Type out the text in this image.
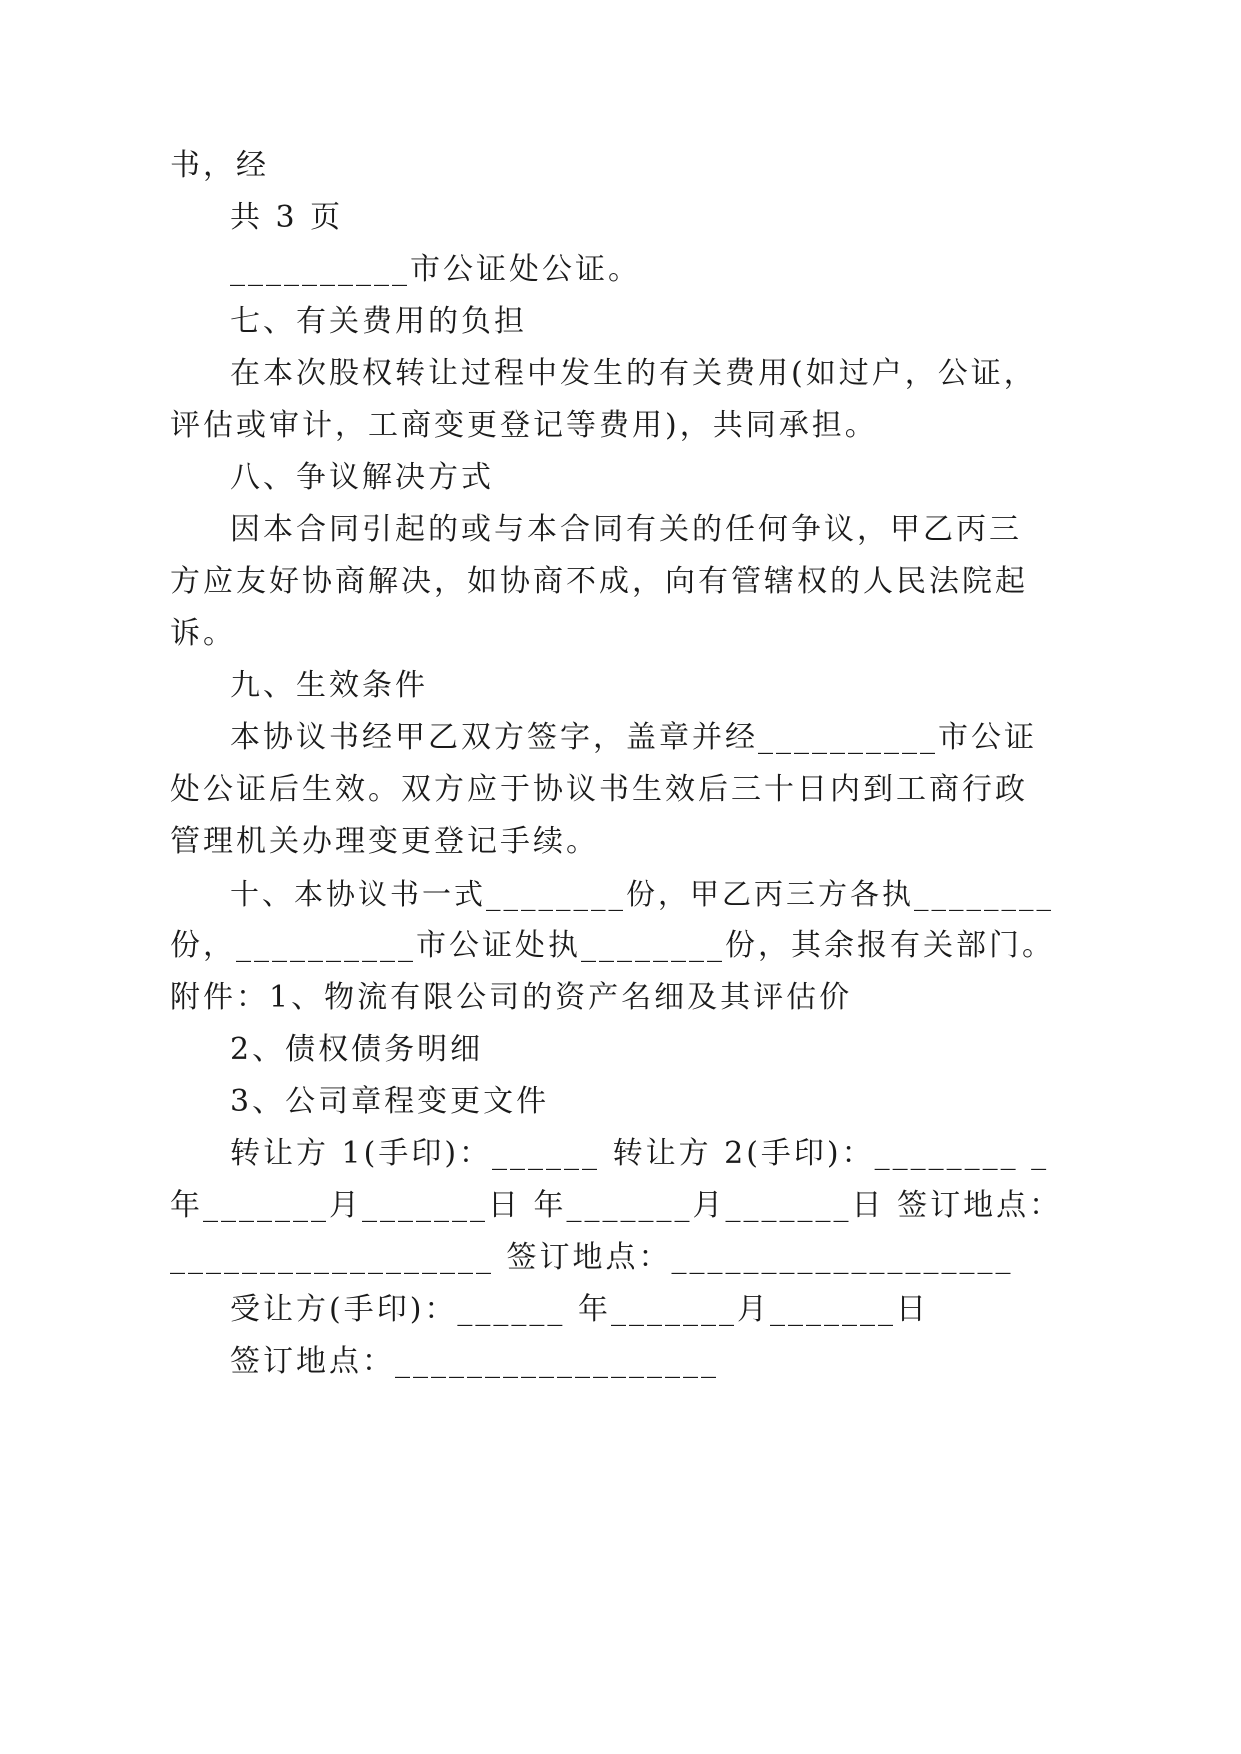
书，经
共 3 页
__________市公证处公证。
七、有关费用的负担
在本次股权转让过程中发生的有关费用(如过户，公证，
评估或审计，工商变更登记等费用)，共同承担。
八、争议解决方式
因本合同引起的或与本合同有关的任何争议，甲乙丙三
方应友好协商解决，如协商不成，向有管辖权的人民法院起
诉。
九、生效条件
本协议书经甲乙双方签字，盖章并经__________市公证
处公证后生效。双方应于协议书生效后三十日内到工商行政
管理机关办理变更登记手续。
十、本协议书一式________份，甲乙丙三方各执________
份，__________市公证处执________份，其余报有关部门。
附件：1、物流有限公司的资产名细及其评估价
2、债权债务明细
3、公司章程变更文件
转让方 1(手印)：______ 转让方 2(手印)：________ _
年_______月_______日 年_______月_______日 签订地点：
__________________ 签订地点：___________________
受让方(手印)：______ 年_______月_______日
签订地点：__________________
